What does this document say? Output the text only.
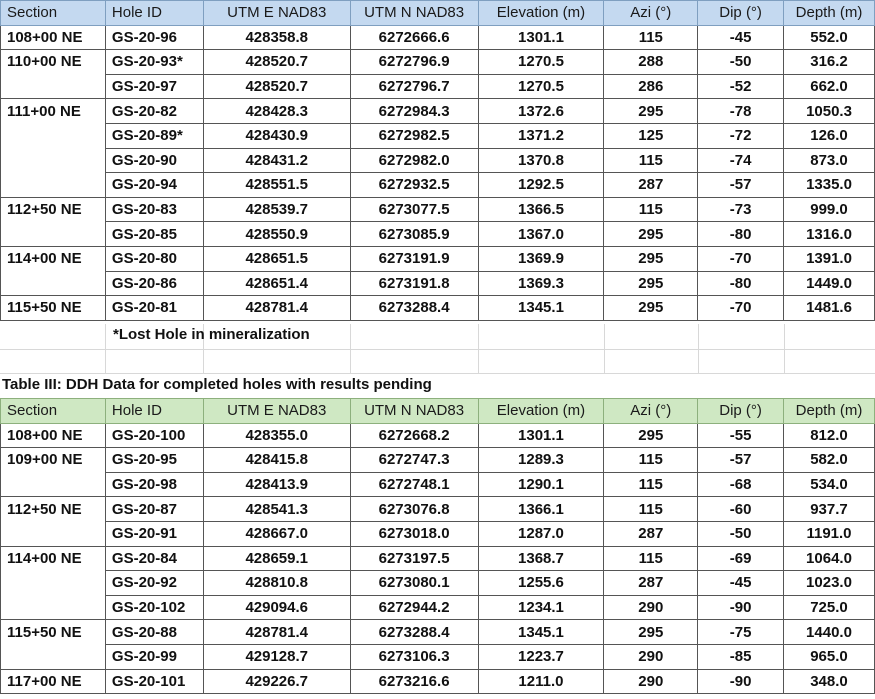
Section	Hole ID	UTM E NAD83	UTM N NAD83	Elevation (m)	Azi (°)	Dip (°)	Depth (m)
108+00 NE	GS-20-96	428358.8	6272666.6	1301.1	115	-45	552.0
110+00 NE	GS-20-93*	428520.7	6272796.9	1270.5	288	-50	316.2
	GS-20-97	428520.7	6272796.7	1270.5	286	-52	662.0
111+00 NE	GS-20-82	428428.3	6272984.3	1372.6	295	-78	1050.3
	GS-20-89*	428430.9	6272982.5	1371.2	125	-72	126.0
	GS-20-90	428431.2	6272982.0	1370.8	115	-74	873.0
	GS-20-94	428551.5	6272932.5	1292.5	287	-57	1335.0
112+50 NE	GS-20-83	428539.7	6273077.5	1366.5	115	-73	999.0
	GS-20-85	428550.9	6273085.9	1367.0	295	-80	1316.0
114+00 NE	GS-20-80	428651.5	6273191.9	1369.9	295	-70	1391.0
	GS-20-86	428651.4	6273191.8	1369.3	295	-80	1449.0
115+50 NE	GS-20-81	428781.4	6273288.4	1345.1	295	-70	1481.6
*Lost Hole in mineralization
Table III: DDH Data for completed holes with results pending
Section	Hole ID	UTM E NAD83	UTM N NAD83	Elevation (m)	Azi (°)	Dip (°)	Depth (m)
108+00 NE	GS-20-100	428355.0	6272668.2	1301.1	295	-55	812.0
109+00 NE	GS-20-95	428415.8	6272747.3	1289.3	115	-57	582.0
	GS-20-98	428413.9	6272748.1	1290.1	115	-68	534.0
112+50 NE	GS-20-87	428541.3	6273076.8	1366.1	115	-60	937.7
	GS-20-91	428667.0	6273018.0	1287.0	287	-50	1191.0
114+00 NE	GS-20-84	428659.1	6273197.5	1368.7	115	-69	1064.0
	GS-20-92	428810.8	6273080.1	1255.6	287	-45	1023.0
	GS-20-102	429094.6	6272944.2	1234.1	290	-90	725.0
115+50 NE	GS-20-88	428781.4	6273288.4	1345.1	295	-75	1440.0
	GS-20-99	429128.7	6273106.3	1223.7	290	-85	965.0
117+00 NE	GS-20-101	429226.7	6273216.6	1211.0	290	-90	348.0
